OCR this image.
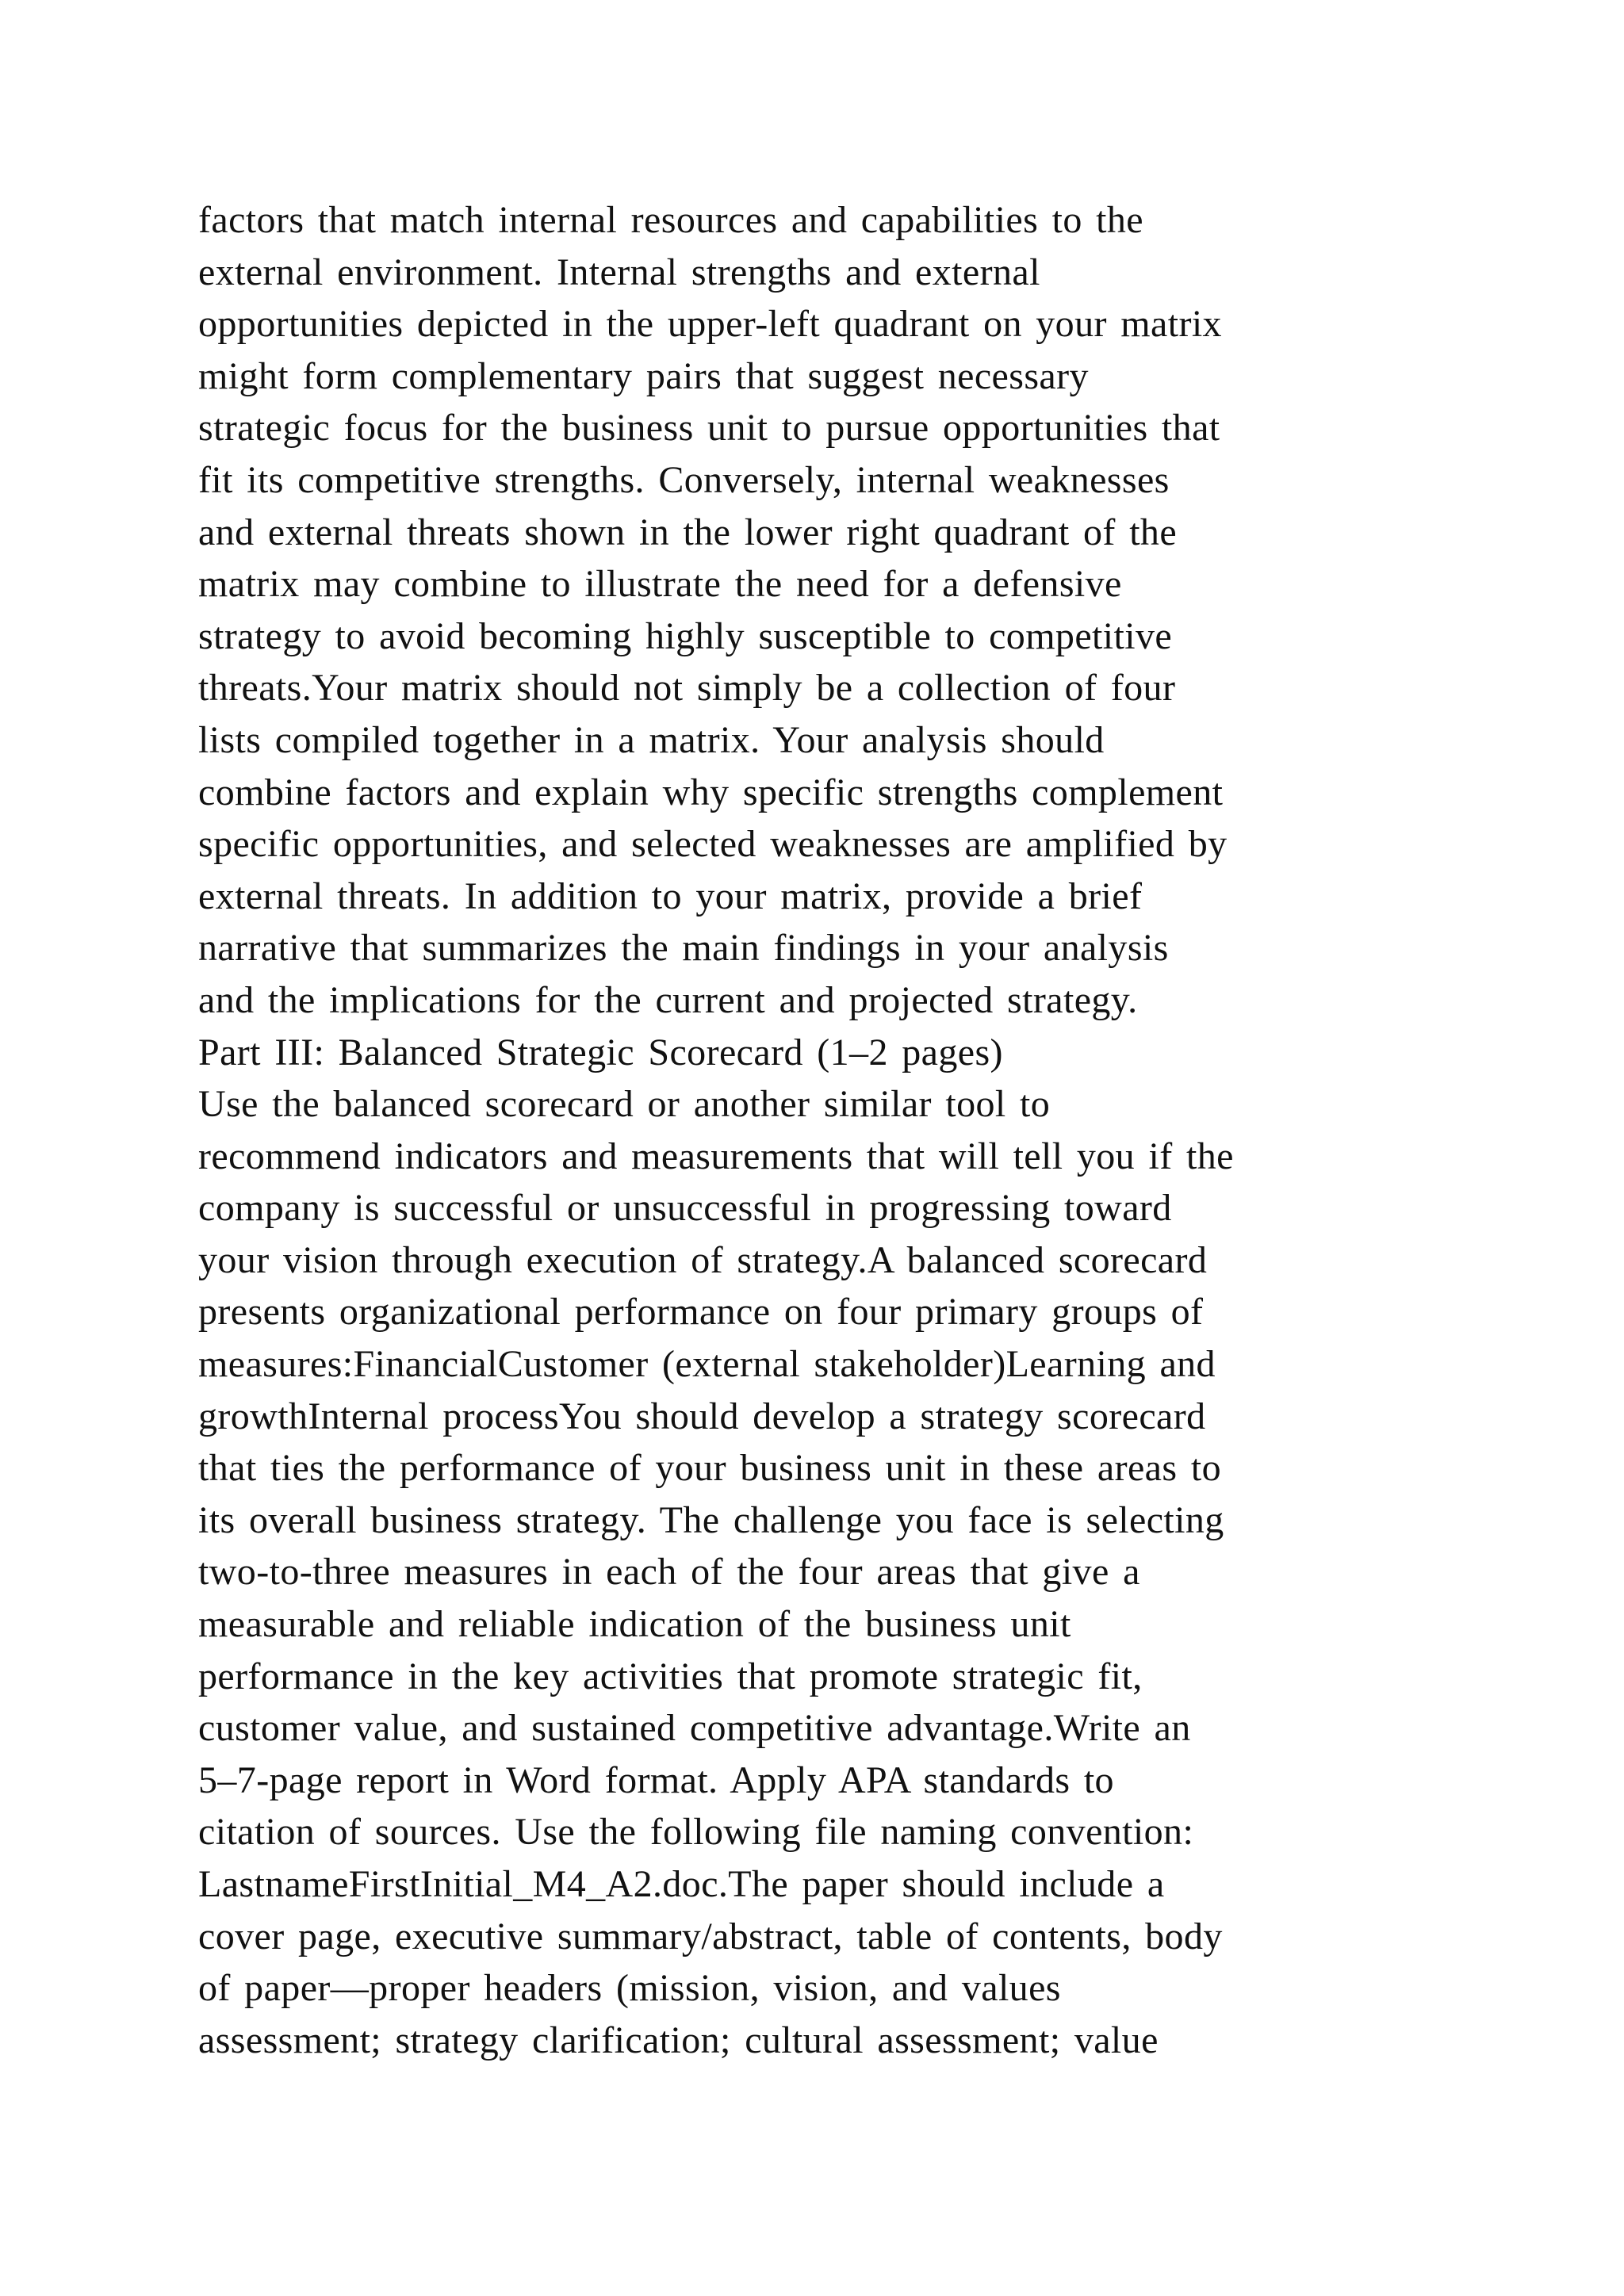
factors that match internal resources and capabilities to the
external environment. Internal strengths and external
opportunities depicted in the upper-left quadrant on your matrix
might form complementary pairs that suggest necessary
strategic focus for the business unit to pursue opportunities that
fit its competitive strengths. Conversely, internal weaknesses
and external threats shown in the lower right quadrant of the
matrix may combine to illustrate the need for a defensive
strategy to avoid becoming highly susceptible to competitive
threats.Your matrix should not simply be a collection of four
lists compiled together in a matrix. Your analysis should
combine factors and explain why specific strengths complement
specific opportunities, and selected weaknesses are amplified by
external threats. In addition to your matrix, provide a brief
narrative that summarizes the main findings in your analysis
and the implications for the current and projected strategy.
Part III: Balanced Strategic Scorecard (1–2 pages)
Use the balanced scorecard or another similar tool to
recommend indicators and measurements that will tell you if the
company is successful or unsuccessful in progressing toward
your vision through execution of strategy.A balanced scorecard
presents organizational performance on four primary groups of
measures:FinancialCustomer (external stakeholder)Learning and
growthInternal processYou should develop a strategy scorecard
that ties the performance of your business unit in these areas to
its overall business strategy. The challenge you face is selecting
two-to-three measures in each of the four areas that give a
measurable and reliable indication of the business unit
performance in the key activities that promote strategic fit,
customer value, and sustained competitive advantage.Write an
5–7-page report in Word format. Apply APA standards to
citation of sources. Use the following file naming convention:
LastnameFirstInitial_M4_A2.doc.The paper should include a
cover page, executive summary/abstract, table of contents, body
of paper—proper headers (mission, vision, and values
assessment; strategy clarification; cultural assessment; value
